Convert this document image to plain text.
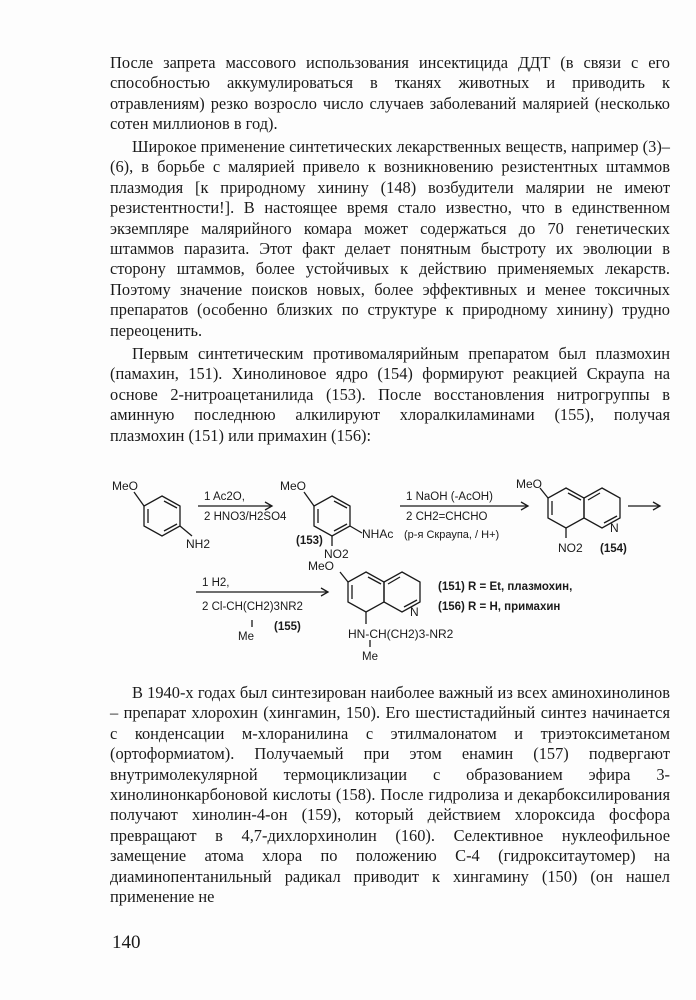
После запрета массового использования инсектицида ДДТ (в связи с его способностью аккумулироваться в тканях животных и приводить к отравлениям) резко возросло число случаев заболеваний малярией (несколько сотен миллионов в год).

Широкое применение синтетических лекарственных веществ, например (3)–(6), в борьбе с малярией привело к возникновению резистентных штаммов плазмодия [к природному хинину (148) возбудители малярии не имеют резистентности!]. В настоящее время стало известно, что в единственном экземпляре малярийного комара может содержаться до 70 генетических штаммов паразита. Этот факт делает понятным быстроту их эволюции в сторону штаммов, более устойчивых к действию применяемых лекарств. Поэтому значение поисков новых, более эффективных и менее токсичных препаратов (особенно близких по структуре к природному хинину) трудно переоценить.

Первым синтетическим противомалярийным препаратом был плазмохин (памахин, 151). Хинолиновое ядро (154) формируют реакцией Скраупа на основе 2-нитроацетанилида (153). После восстановления нитрогруппы в аминную последнюю алкилируют хлоралкиламинами (155), получая плазмохин (151) или примахин (156):

MeO
NH2
1 Ac2O,
2 HNO3/H2SO4
MeO
NHAc
NO2
(153)
1 NaOH (-AcOH)
2 CH2=CHCHO
(р-я Скраупа, / H+)
MeO
N
NO2 (154)
1 H2,
2 Cl-CH(CH2)3NR2
Me
(155)
MeO
N
HN-CH(CH2)3-NR2
Me
(151) R = Et, плазмохин,
(156) R = H, примахин

В 1940-х годах был синтезирован наиболее важный из всех аминохинолинов – препарат хлорохин (хингамин, 150). Его шестистадийный синтез начинается с конденсации м-хлоранилина с этилмалонатом и триэтоксиметаном (ортоформиатом). Получаемый при этом енамин (157) подвергают внутримолекулярной термоциклизации с образованием эфира 3-хинолинонкарбоновой кислоты (158). После гидролиза и декарбоксилирования получают хинолин-4-он (159), который действием хлороксида фосфора превращают в 4,7-дихлорхинолин (160). Селективное нуклеофильное замещение атома хлора по положению С-4 (гидрокситаутомер) на диаминопентанильный радикал приводит к хингамину (150) (он нашел применение не

140
